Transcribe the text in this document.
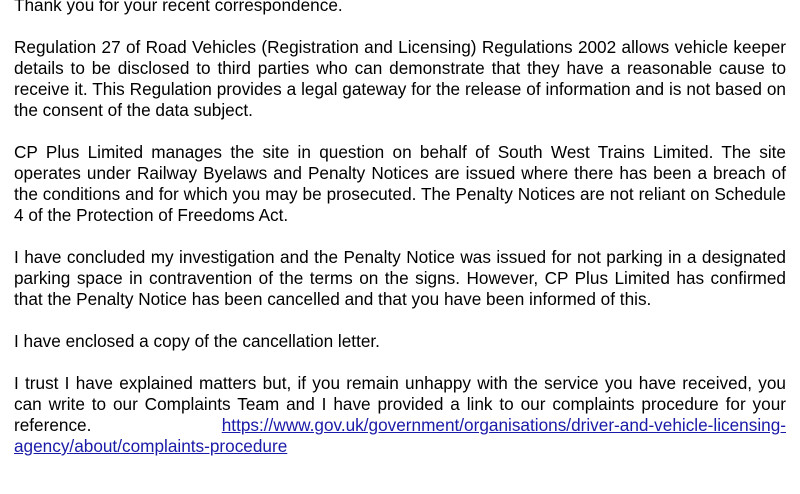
Thank you for your recent correspondence.

Regulation 27 of Road Vehicles (Registration and Licensing) Regulations 2002 allows vehicle keeper details to be disclosed to third parties who can demonstrate that they have a reasonable cause to receive it. This Regulation provides a legal gateway for the release of information and is not based on the consent of the data subject.

CP Plus Limited manages the site in question on behalf of South West Trains Limited. The site operates under Railway Byelaws and Penalty Notices are issued where there has been a breach of the conditions and for which you may be prosecuted. The Penalty Notices are not reliant on Schedule 4 of the Protection of Freedoms Act.

I have concluded my investigation and the Penalty Notice was issued for not parking in a designated parking space in contravention of the terms on the signs. However, CP Plus Limited has confirmed that the Penalty Notice has been cancelled and that you have been informed of this.

I have enclosed a copy of the cancellation letter.

I trust I have explained matters but, if you remain unhappy with the service you have received, you can write to our Complaints Team and I have provided a link to our complaints procedure for your reference.	https://www.gov.uk/government/organisations/driver-and-vehicle-licensing-agency/about/complaints-procedure
